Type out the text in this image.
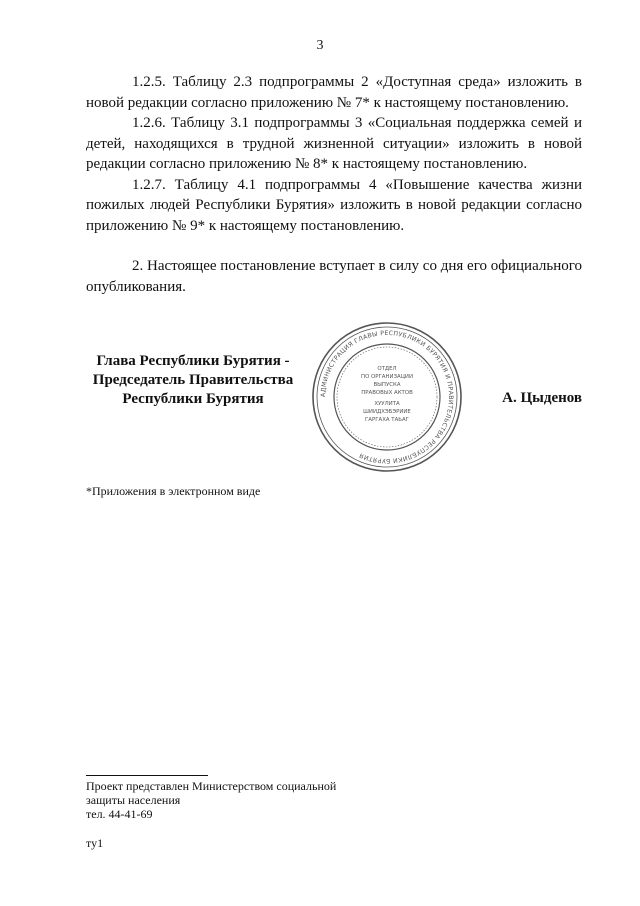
3

1.2.5. Таблицу 2.3 подпрограммы 2 «Доступная среда» изложить в новой редакции согласно приложению № 7* к настоящему постановлению.

1.2.6. Таблицу 3.1 подпрограммы 3 «Социальная поддержка семей и детей, находящихся в трудной жизненной ситуации» изложить в новой редакции согласно приложению № 8* к настоящему постановлению.

1.2.7. Таблицу 4.1 подпрограммы 4 «Повышение качества жизни пожилых людей Республики Бурятия» изложить в новой редакции согласно приложению № 9* к настоящему постановлению.

2. Настоящее постановление вступает в силу со дня его официального опубликования.

Глава Республики Бурятия -
Председатель Правительства
Республики Бурятия	АДМИНИСТРАЦИЯ ГЛАВЫ РЕСПУБЛИКИ БУРЯТИЯ И ПРАВИТЕЛЬСТВА РЕСПУБЛИКИ БУРЯТИЯ
ОТДЕЛ
ПО ОРГАНИЗАЦИИ
ВЫПУСКА
ПРАВОВЫХ АКТОВ
ХУУЛИТА
ШИИДХЭБЭРИИЕ
ГАРГАХА ТАЬАГ
А. Цыденов
*Приложения в электронном виде
Проект представлен Министерством социальной
защиты населения
тел. 44-41-69
ту1
